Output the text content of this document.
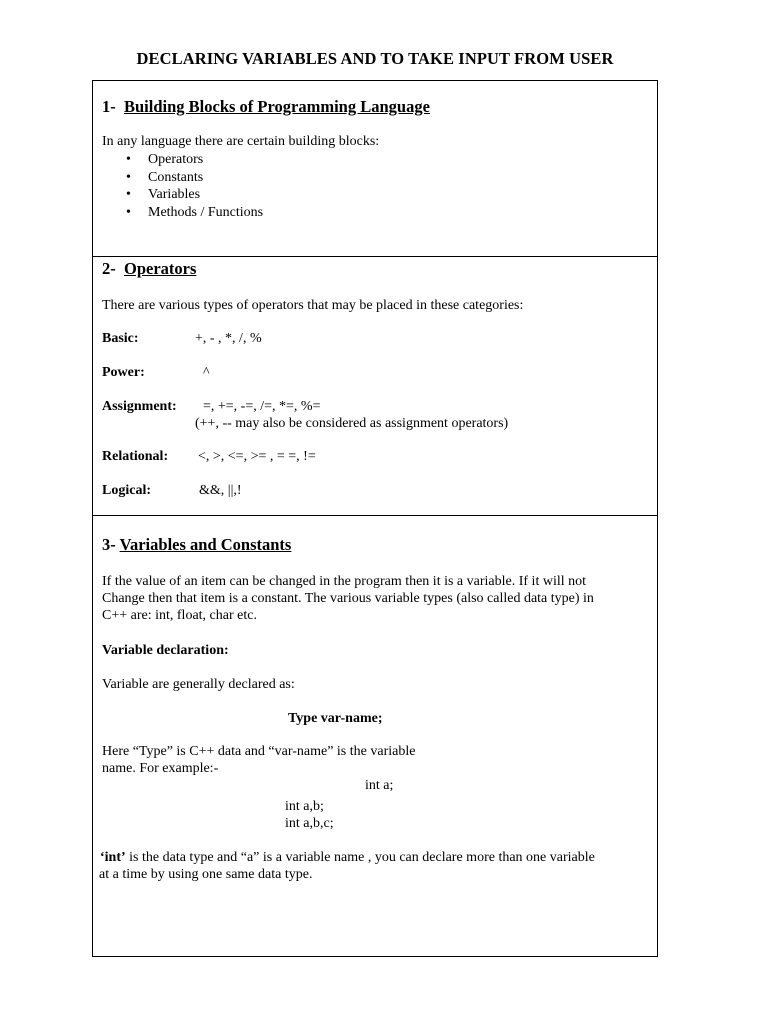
DECLARING VARIABLES AND TO TAKE INPUT FROM USER
1- Building Blocks of Programming Language
In any language there are certain building blocks:
• Operators
• Constants
• Variables
• Methods / Functions
2- Operators
There are various types of operators that may be placed in these categories:
Basic:	+, - , *, /, %
Power:	^
Assignment: =, +=, -=, /=, *=, %=
(++, -- may also be considered as assignment operators)
Relational: <, >, <=, >= , = =, !=
Logical:	&&, ||,!
3- Variables and Constants
If the value of an item can be changed in the program then it is a variable. If it will not
Change then that item is a constant. The various variable types (also called data type) in
C++ are: int, float, char etc.
Variable declaration:
Variable are generally declared as:
Type var-name;
Here “Type” is C++ data and “var-name” is the variable
name. For example:-
int a;
int a,b;
int a,b,c;
‘int’ is the data type and “a” is a variable name , you can declare more than one variable
at a time by using one same data type.
